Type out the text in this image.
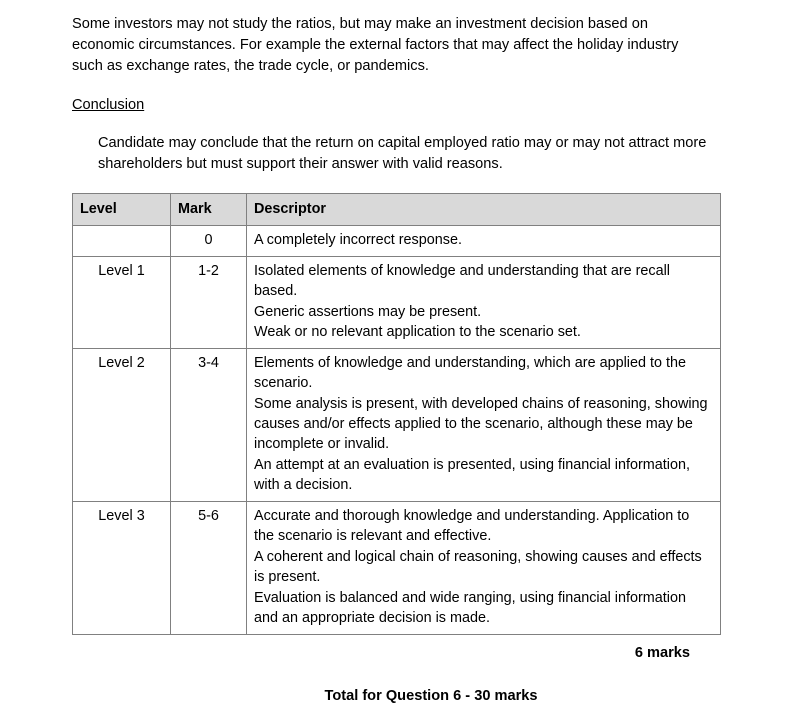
Some investors may not study the ratios, but may make an investment decision based on economic circumstances. For example the external factors that may affect the holiday industry such as exchange rates, the trade cycle, or pandemics.

Conclusion

Candidate may conclude that the return on capital employed ratio may or may not attract more shareholders but must support their answer with valid reasons.

Level	Mark	Descriptor
	0	A completely incorrect response.

Level 1	1-2	Isolated elements of knowledge and understanding that are recall based.
Generic assertions may be present.
Weak or no relevant application to the scenario set.

Level 2	3-4	Elements of knowledge and understanding, which are applied to the scenario.
Some analysis is present, with developed chains of reasoning, showing causes and/or effects applied to the scenario, although these may be incomplete or invalid.
An attempt at an evaluation is presented, using financial information, with a decision.

Level 3	5-6	Accurate and thorough knowledge and understanding. Application to the scenario is relevant and effective.
A coherent and logical chain of reasoning, showing causes and effects is present.
Evaluation is balanced and wide ranging, using financial information and an appropriate decision is made.
6 marks
Total for Question 6 - 30 marks
